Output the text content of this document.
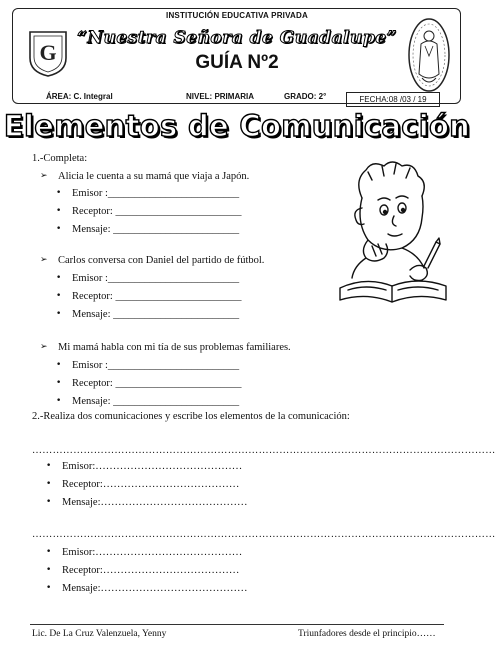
G
INSTITUCIÓN EDUCATIVA PRIVADA
“Nuestra Señora de Guadalupe”
GUÍA Nº2
ÁREA: C. Integral	NIVEL: PRIMARIA	GRADO: 2°	FECHA:08 /03 / 19
Elementos de Comunicación
1.-Completa:
➢ Alicia le cuenta a su mamá que viaja a Japón.
• Emisor :_________________________
• Receptor: ________________________
• Mensaje: ________________________
➢ Carlos conversa con Daniel del partido de fútbol.
• Emisor :_________________________
• Receptor: ________________________
• Mensaje: ________________________
➢ Mi mamá habla con mi tía de sus problemas familiares.
• Emisor :_________________________
• Receptor: ________________________
• Mensaje: ________________________
2.-Realiza dos comunicaciones y escribe los elementos de la comunicación:
………………………………………………………………………………………………………………………
• Emisor:……………………………………
• Receptor:…………………………………
• Mensaje:……………………………………
………………………………………………………………………………………………………………………
• Emisor:……………………………………
• Receptor:…………………………………
• Mensaje:……………………………………
Lic. De La Cruz Valenzuela, Yenny	Triunfadores desde el principio……
